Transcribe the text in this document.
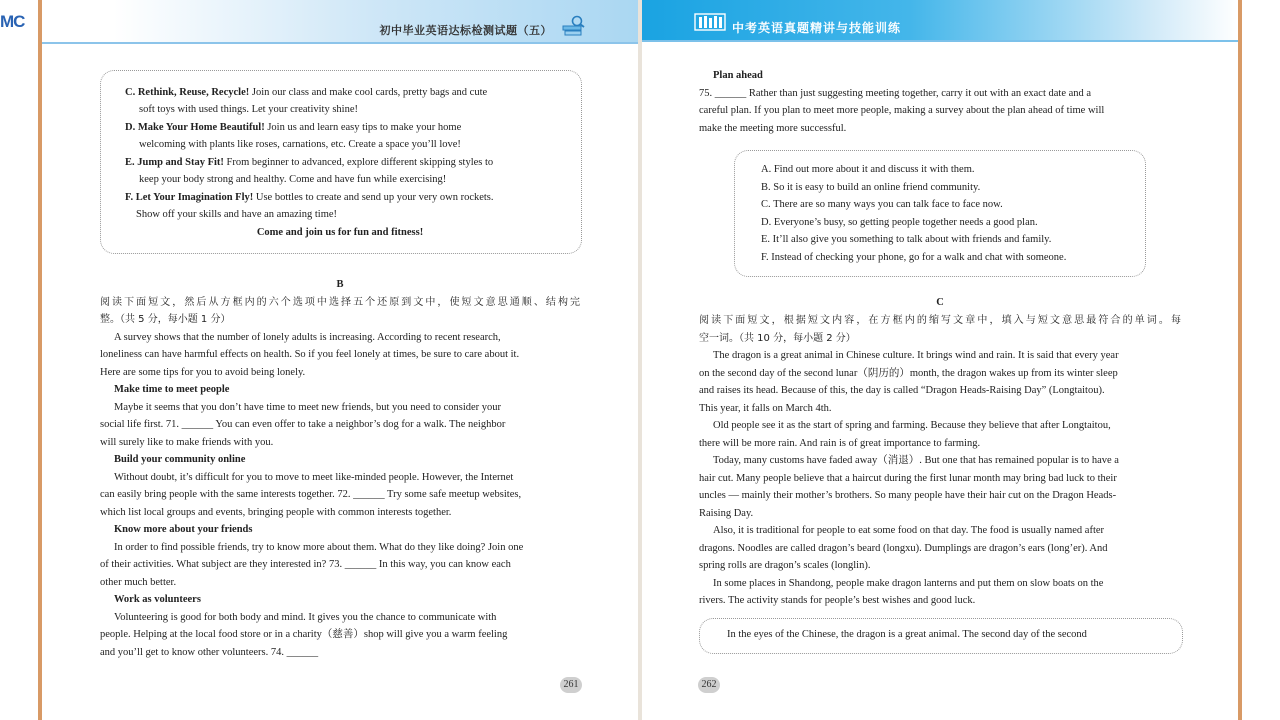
MC	初中毕业英语达标检测试题（五）
C. Rethink, Reuse, Recycle! Join our class and make cool cards, pretty bags and cute
soft toys with used things. Let your creativity shine!
D. Make Your Home Beautiful! Join us and learn easy tips to make your home
welcoming with plants like roses, carnations, etc. Create a space you’ll love!
E. Jump and Stay Fit! From beginner to advanced, explore different skipping styles to
keep your body strong and healthy. Come and have fun while exercising!
F. Let Your Imagination Fly! Use bottles to create and send up your very own rockets.
Show off your skills and have an amazing time!
Come and join us for fun and fitness!
B
阅读下面短文，然后从方框内的六个选项中选择五个还原到文中，使短文意思通顺、结构完
整。（共 5 分，每小题 1 分）
A survey shows that the number of lonely adults is increasing. According to recent research,
loneliness can have harmful effects on health. So if you feel lonely at times, be sure to care about it.
Here are some tips for you to avoid being lonely.
Make time to meet people
Maybe it seems that you don’t have time to meet new friends, but you need to consider your
social life first. 71. ______ You can even offer to take a neighbor’s dog for a walk. The neighbor
will surely like to make friends with you.
Build your community online
Without doubt, it’s difficult for you to move to meet like-minded people. However, the Internet
can easily bring people with the same interests together. 72. ______ Try some safe meetup websites,
which list local groups and events, bringing people with common interests together.
Know more about your friends
In order to find possible friends, try to know more about them. What do they like doing? Join one
of their activities. What subject are they interested in? 73. ______ In this way, you can know each
other much better.
Work as volunteers
Volunteering is good for both body and mind. It gives you the chance to communicate with
people. Helping at the local food store or in a charity（慈善）shop will give you a warm feeling
and you’ll get to know other volunteers. 74. ______
261
中考英语真题精讲与技能训练
Plan ahead
75. ______ Rather than just suggesting meeting together, carry it out with an exact date and a
careful plan. If you plan to meet more people, making a survey about the plan ahead of time will
make the meeting more successful.
A. Find out more about it and discuss it with them.
B. So it is easy to build an online friend community.
C. There are so many ways you can talk face to face now.
D. Everyone’s busy, so getting people together needs a good plan.
E. It’ll also give you something to talk about with friends and family.
F. Instead of checking your phone, go for a walk and chat with someone.
C
阅读下面短文，根据短文内容，在方框内的缩写文章中，填入与短文意思最符合的单词。每
空一词。（共 10 分，每小题 2 分）
The dragon is a great animal in Chinese culture. It brings wind and rain. It is said that every year
on the second day of the second lunar（阴历的）month, the dragon wakes up from its winter sleep
and raises its head. Because of this, the day is called “Dragon Heads-Raising Day” (Longtaitou).
This year, it falls on March 4th.
Old people see it as the start of spring and farming. Because they believe that after Longtaitou,
there will be more rain. And rain is of great importance to farming.
Today, many customs have faded away（消退）. But one that has remained popular is to have a
hair cut. Many people believe that a haircut during the first lunar month may bring bad luck to their
uncles — mainly their mother’s brothers. So many people have their hair cut on the Dragon Heads-
Raising Day.
Also, it is traditional for people to eat some food on that day. The food is usually named after
dragons. Noodles are called dragon’s beard (longxu). Dumplings are dragon’s ears (long’er). And
spring rolls are dragon’s scales (longlin).
In some places in Shandong, people make dragon lanterns and put them on slow boats on the
rivers. The activity stands for people’s best wishes and good luck.
In the eyes of the Chinese, the dragon is a great animal. The second day of the second
262
